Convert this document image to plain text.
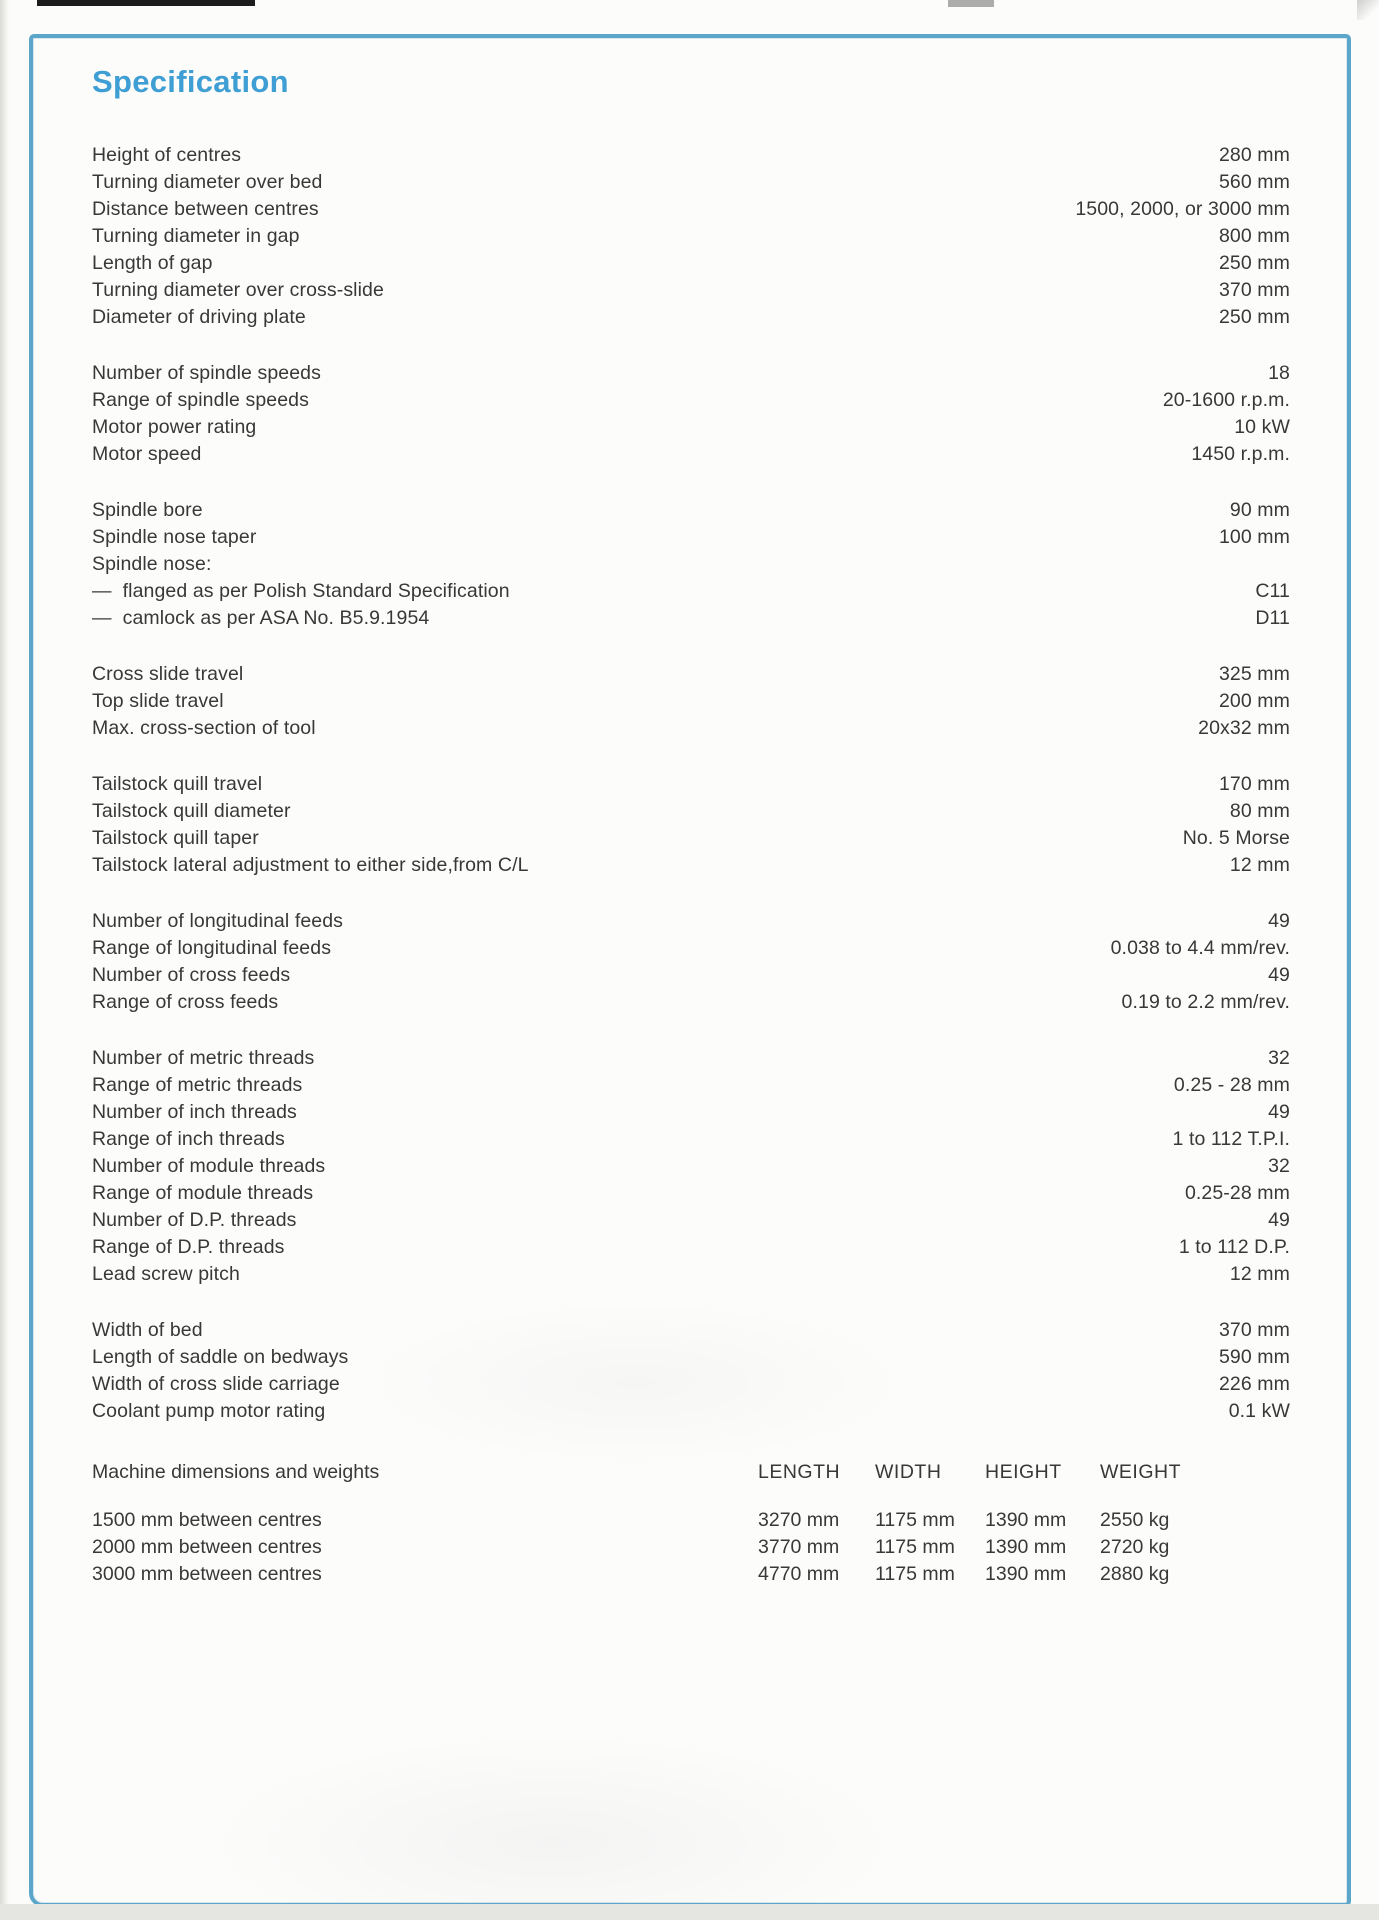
Specification
Height of centres	280 mm
Turning diameter over bed	560 mm
Distance between centres	1500, 2000, or 3000 mm
Turning diameter in gap	800 mm
Length of gap	250 mm
Turning diameter over cross-slide	370 mm
Diameter of driving plate	250 mm
Number of spindle speeds	18
Range of spindle speeds	20-1600 r.p.m.
Motor power rating	10 kW
Motor speed	1450 r.p.m.
Spindle bore	90 mm
Spindle nose taper	100 mm
Spindle nose:
—  flanged as per Polish Standard Specification	C11
—  camlock as per ASA No. B5.9.1954	D11
Cross slide travel	325 mm
Top slide travel	200 mm
Max. cross-section of tool	20x32 mm
Tailstock quill travel	170 mm
Tailstock quill diameter	80 mm
Tailstock quill taper	No. 5 Morse
Tailstock lateral adjustment to either side,from C/L	12 mm
Number of longitudinal feeds	49
Range of longitudinal feeds	0.038 to 4.4 mm/rev.
Number of cross feeds	49
Range of cross feeds	0.19 to 2.2 mm/rev.
Number of metric threads	32
Range of metric threads	0.25 - 28 mm
Number of inch threads	49
Range of inch threads	1 to 112 T.P.I.
Number of module threads	32
Range of module threads	0.25-28 mm
Number of D.P. threads	49
Range of D.P. threads	1 to 112 D.P.
Lead screw pitch	12 mm
Width of bed	370 mm
Length of saddle on bedways	590 mm
Width of cross slide carriage	226 mm
Coolant pump motor rating	0.1 kW
Machine dimensions and weights	LENGTH	WIDTH	HEIGHT	WEIGHT
1500 mm between centres	3270 mm	1175 mm	1390 mm	2550 kg
2000 mm between centres	3770 mm	1175 mm	1390 mm	2720 kg
3000 mm between centres	4770 mm	1175 mm	1390 mm	2880 kg
